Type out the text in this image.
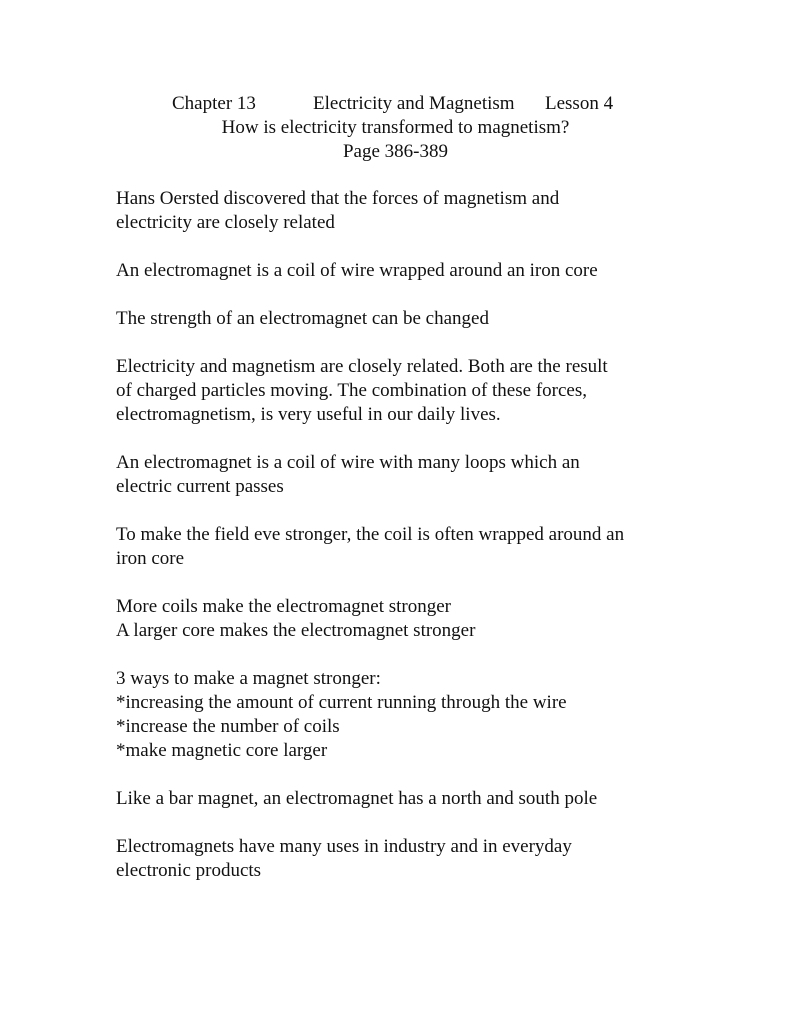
Chapter 13	Electricity and Magnetism Lesson 4
How is electricity transformed to magnetism?
Page 386-389
Hans Oersted discovered that the forces of magnetism and
electricity are closely related
An electromagnet is a coil of wire wrapped around an iron core
The strength of an electromagnet can be changed
Electricity and magnetism are closely related. Both are the result
of charged particles moving. The combination of these forces,
electromagnetism, is very useful in our daily lives.
An electromagnet is a coil of wire with many loops which an
electric current passes
To make the field eve stronger, the coil is often wrapped around an
iron core
More coils make the electromagnet stronger
A larger core makes the electromagnet stronger
3 ways to make a magnet stronger:
*increasing the amount of current running through the wire
*increase the number of coils
*make magnetic core larger
Like a bar magnet, an electromagnet has a north and south pole
Electromagnets have many uses in industry and in everyday
electronic products
